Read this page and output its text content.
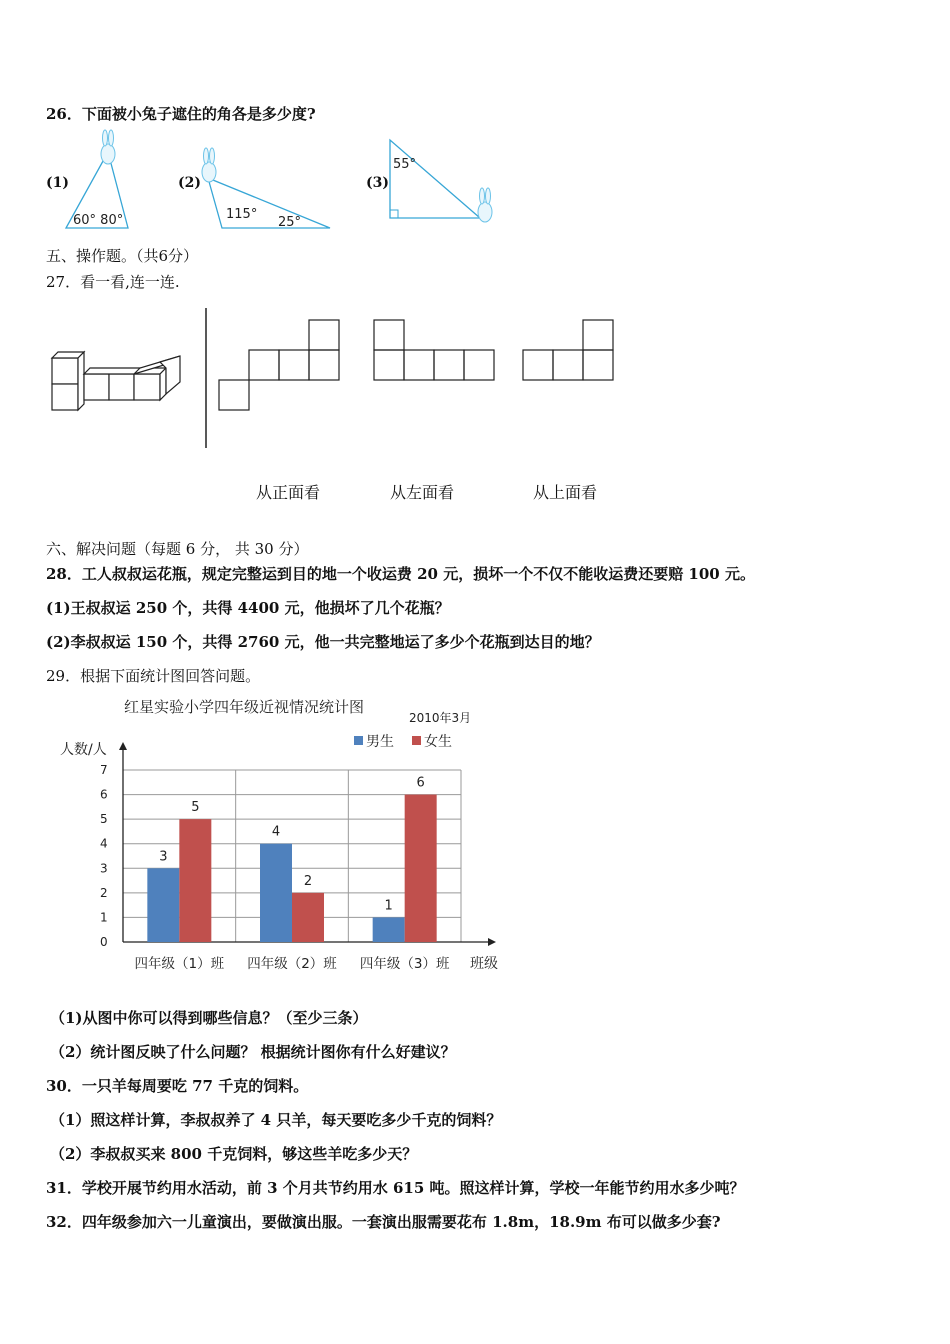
26．下面被小兔子遮住的角各是多少度?
(1)	(2)	(3)
60° 80°	115°
25°
55°
五、操作题。（共6分）
27．看一看,连一连.
从正面看	从左面看	从上面看
六、解决问题（每题 6 分， 共 30 分）
28．工人叔叔运花瓶，规定完整运到目的地一个收运费 20 元，损坏一个不仅不能收运费还要赔 100 元。
(1)王叔叔运 250 个，共得 4400 元，他损坏了几个花瓶？
(2)李叔叔运 150 个，共得 2760 元，他一共完整地运了多少个花瓶到达目的地？
29．根据下面统计图回答问题。
红星实验小学四年级近视情况统计图
2010年3月
人数/人
班级
男生 女生
0
1
2
3
4
5
6
7
3
5
4
2
1
6
四年级（1）班 四年级（2）班 四年级（3）班
（1)从图中你可以得到哪些信息？（至少三条）
（2）统计图反映了什么问题？ 根据统计图你有什么好建议？
30．一只羊每周要吃 77 千克的饲料。
（1）照这样计算，李叔叔养了 4 只羊，每天要吃多少千克的饲料？
（2）李叔叔买来 800 千克饲料，够这些羊吃多少天？
31．学校开展节约用水活动，前 3 个月共节约用水 615 吨。照这样计算，学校一年能节约用水多少吨？
32．四年级参加六一儿童演出，要做演出服。一套演出服需要花布 1.8m，18.9m 布可以做多少套?
